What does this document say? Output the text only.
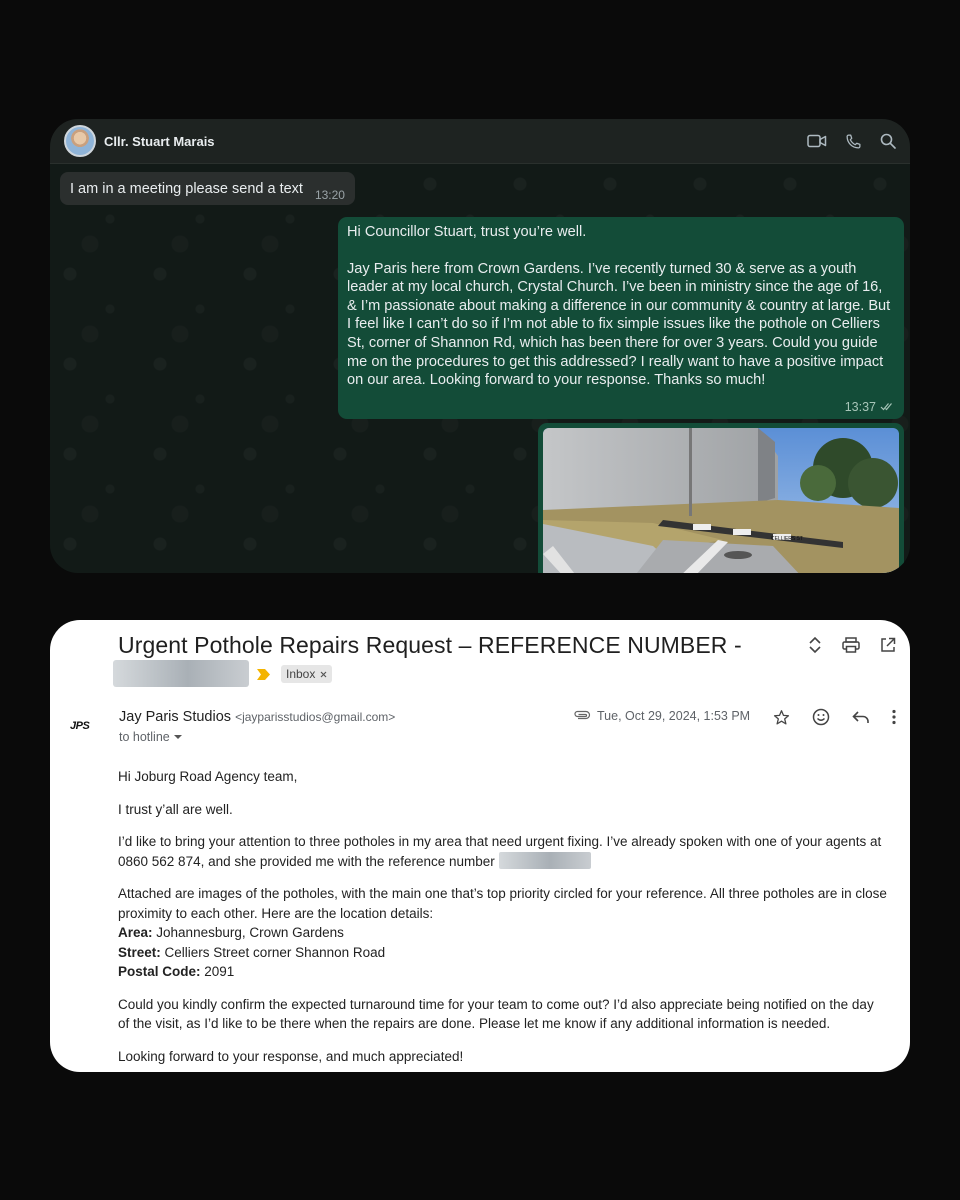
Cllr. Stuart Marais
I am in a meeting please send a text 13:20

Hi Councillor Stuart, trust you’re well.

Jay Paris here from Crown Gardens. I’ve recently turned 30 & serve as a youth leader at my local church, Crystal Church. I’ve been in ministry since the age of 16, & I’m passionate about making a difference in our community & country at large. But I feel like I can’t do so if I’m not able to fix simple issues like the pothole on Celliers St, corner of Shannon Rd, which has been there for over 3 years. Could you guide me on the procedures to get this addressed? I really want to have a positive impact on our area. Looking forward to your response. Thanks so much!

13:37
CELLIERS ST
Urgent Pothole Repairs Request – REFERENCE NUMBER -
Inbox
JPS
Jay Paris Studios <jayparisstudios@gmail.com>
to hotline
Tue, Oct 29, 2024, 1:53 PM

Hi Joburg Road Agency team,

I trust y’all are well.

I’d like to bring your attention to three potholes in my area that need urgent fixing. I’ve already spoken with one of your agents at 0860 562 874, and she provided me with the reference number

Attached are images of the potholes, with the main one that’s top priority circled for your reference. All three potholes are in close proximity to each other. Here are the location details:
Area: Johannesburg, Crown Gardens
Street: Celliers Street corner Shannon Road
Postal Code: 2091

Could you kindly confirm the expected turnaround time for your team to come out? I’d also appreciate being notified on the day of the visit, as I’d like to be there when the repairs are done. Please let me know if any additional information is needed.

Looking forward to your response, and much appreciated!
